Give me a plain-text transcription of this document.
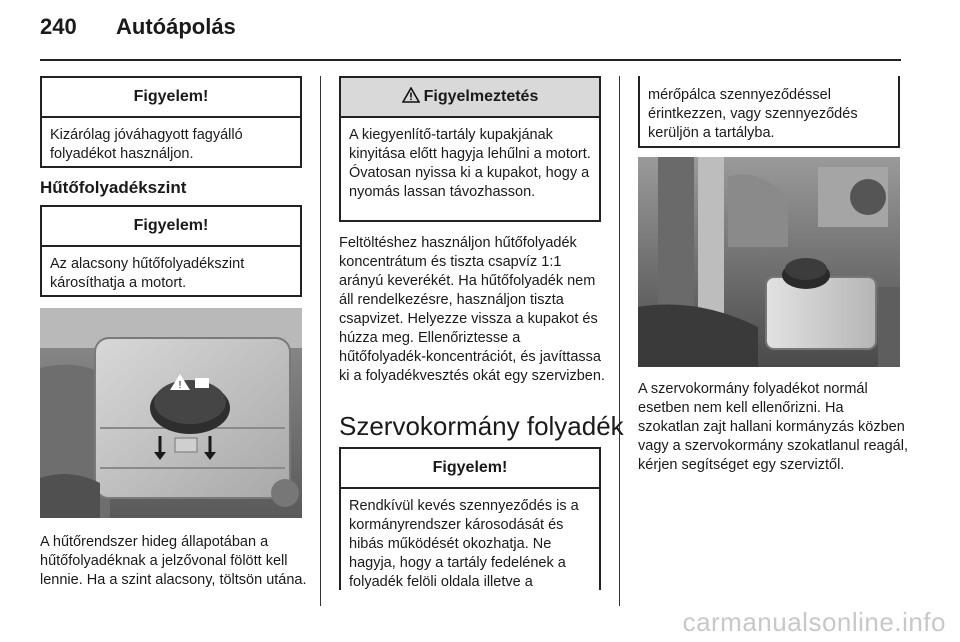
240 Autóápolás
Figyelem!
Kizárólag jóváhagyott fagyálló folyadékot használjon.
Hűtőfolyadékszint
Figyelem!
Az alacsony hűtőfolyadékszint károsíthatja a motort.
!
A hűtőrendszer hideg állapotában a hűtőfolyadéknak a jelzővonal fölött kell lennie. Ha a szint alacsony, töltsön utána.
Figyelmeztetés
A kiegyenlítő-tartály kupakjának kinyitása előtt hagyja lehűlni a motort. Óvatosan nyissa ki a kupakot, hogy a nyomás lassan távozhasson.
Feltöltéshez használjon hűtőfolyadék koncentrátum és tiszta csapvíz 1:1 arányú keverékét. Ha hűtőfolyadék nem áll rendelkezésre, használjon tiszta csapvizet. Helyezze vissza a kupakot és húzza meg. Ellenőriztesse a hűtőfolyadék-koncentrációt, és javíttassa ki a folyadékvesztés okát egy szervizben.
Szervokormány folyadék
Figyelem!
Rendkívül kevés szennyeződés is a kormányrendszer károsodását és hibás működését okozhatja. Ne hagyja, hogy a tartály fedelének a folyadék felöli oldala illetve a
mérőpálca szennyeződéssel érintkezzen, vagy szennyeződés kerüljön a tartályba.
A szervokormány folyadékot normál esetben nem kell ellenőrizni. Ha szokatlan zajt hallani kormányzás közben vagy a szervokormány szokatlanul reagál, kérjen segítséget egy szerviztől.
carmanualsonline.info
